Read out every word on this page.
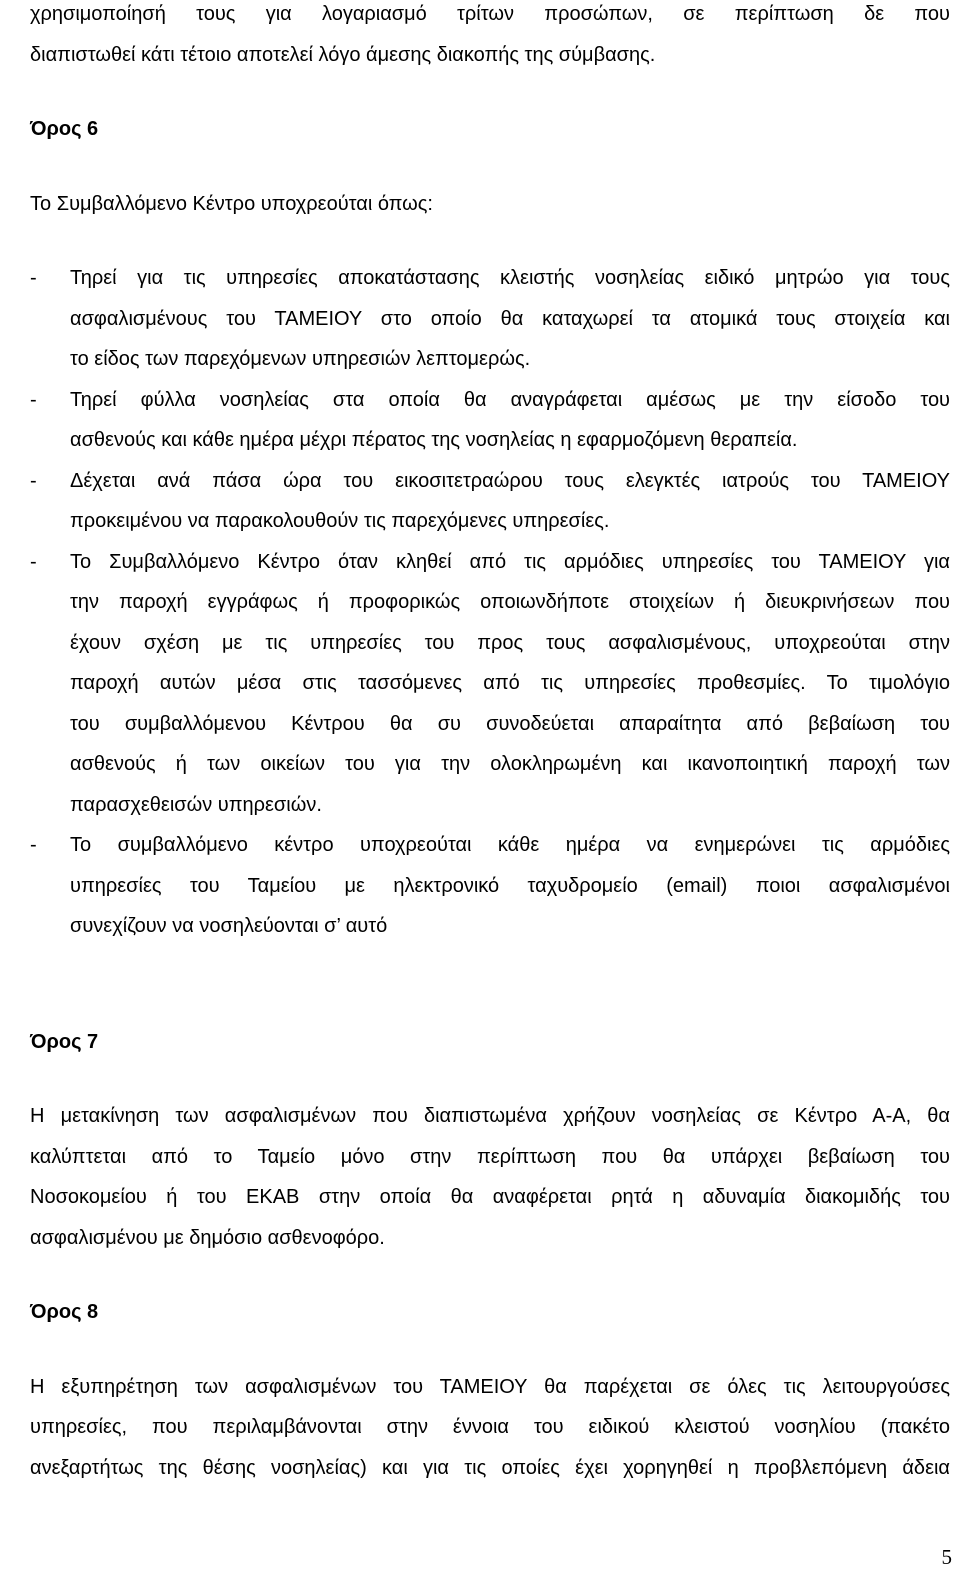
χρησιμοποίησή τους για λογαριασμό τρίτων προσώπων, σε περίπτωση δε που
διαπιστωθεί κάτι τέτοιο αποτελεί λόγο άμεσης διακοπής της σύμβασης.
Όρος 6
Το Συμβαλλόμενο Κέντρο υποχρεούται όπως:
- Τηρεί για τις υπηρεσίες αποκατάστασης κλειστής νοσηλείας ειδικό μητρώο για τους
ασφαλισμένους του ΤΑΜΕΙΟΥ στο οποίο θα καταχωρεί τα ατομικά τους στοιχεία και
το είδος των παρεχόμενων υπηρεσιών λεπτομερώς.
- Τηρεί φύλλα νοσηλείας στα οποία θα αναγράφεται αμέσως με την είσοδο του
ασθενούς και κάθε ημέρα μέχρι πέρατος της νοσηλείας η εφαρμοζόμενη θεραπεία.
- Δέχεται ανά πάσα ώρα του εικοσιτετραώρου τους ελεγκτές ιατρούς του ΤΑΜΕΙΟΥ
προκειμένου να παρακολουθούν τις παρεχόμενες υπηρεσίες.
- Το Συμβαλλόμενο Κέντρο όταν κληθεί από τις αρμόδιες υπηρεσίες του ΤΑΜΕΙΟΥ για
την παροχή εγγράφως ή προφορικώς οποιωνδήποτε στοιχείων ή διευκρινήσεων που
έχουν σχέση με τις υπηρεσίες του προς τους ασφαλισμένους, υποχρεούται στην
παροχή αυτών μέσα στις τασσόμενες από τις υπηρεσίες προθεσμίες. Το τιμολόγιο
του συμβαλλόμενου Κέντρου θα συ συνοδεύεται απαραίτητα από βεβαίωση του
ασθενούς ή των οικείων του για την ολοκληρωμένη και ικανοποιητική παροχή των
παρασχεθεισών υπηρεσιών.
- Το συμβαλλόμενο κέντρο υποχρεούται κάθε ημέρα να ενημερώνει τις αρμόδιες
υπηρεσίες του Ταμείου με ηλεκτρονικό ταχυδρομείο (email) ποιοι ασφαλισμένοι
συνεχίζουν να νοσηλεύονται σ’ αυτό
Όρος 7
Η μετακίνηση των ασφαλισμένων που διαπιστωμένα χρήζουν νοσηλείας σε Κέντρο Α-Α, θα
καλύπτεται από το Ταμείο μόνο στην περίπτωση που θα υπάρχει βεβαίωση του
Νοσοκομείου ή του ΕΚΑΒ στην οποία θα αναφέρεται ρητά η αδυναμία διακομιδής του
ασφαλισμένου με δημόσιο ασθενοφόρο.
Όρος 8
Η εξυπηρέτηση των ασφαλισμένων του ΤΑΜΕΙΟΥ θα παρέχεται σε όλες τις λειτουργούσες
υπηρεσίες, που περιλαμβάνονται στην έννοια του ειδικού κλειστού νοσηλίου (πακέτο
ανεξαρτήτως της θέσης νοσηλείας) και για τις οποίες έχει χορηγηθεί η προβλεπόμενη άδεια
5
